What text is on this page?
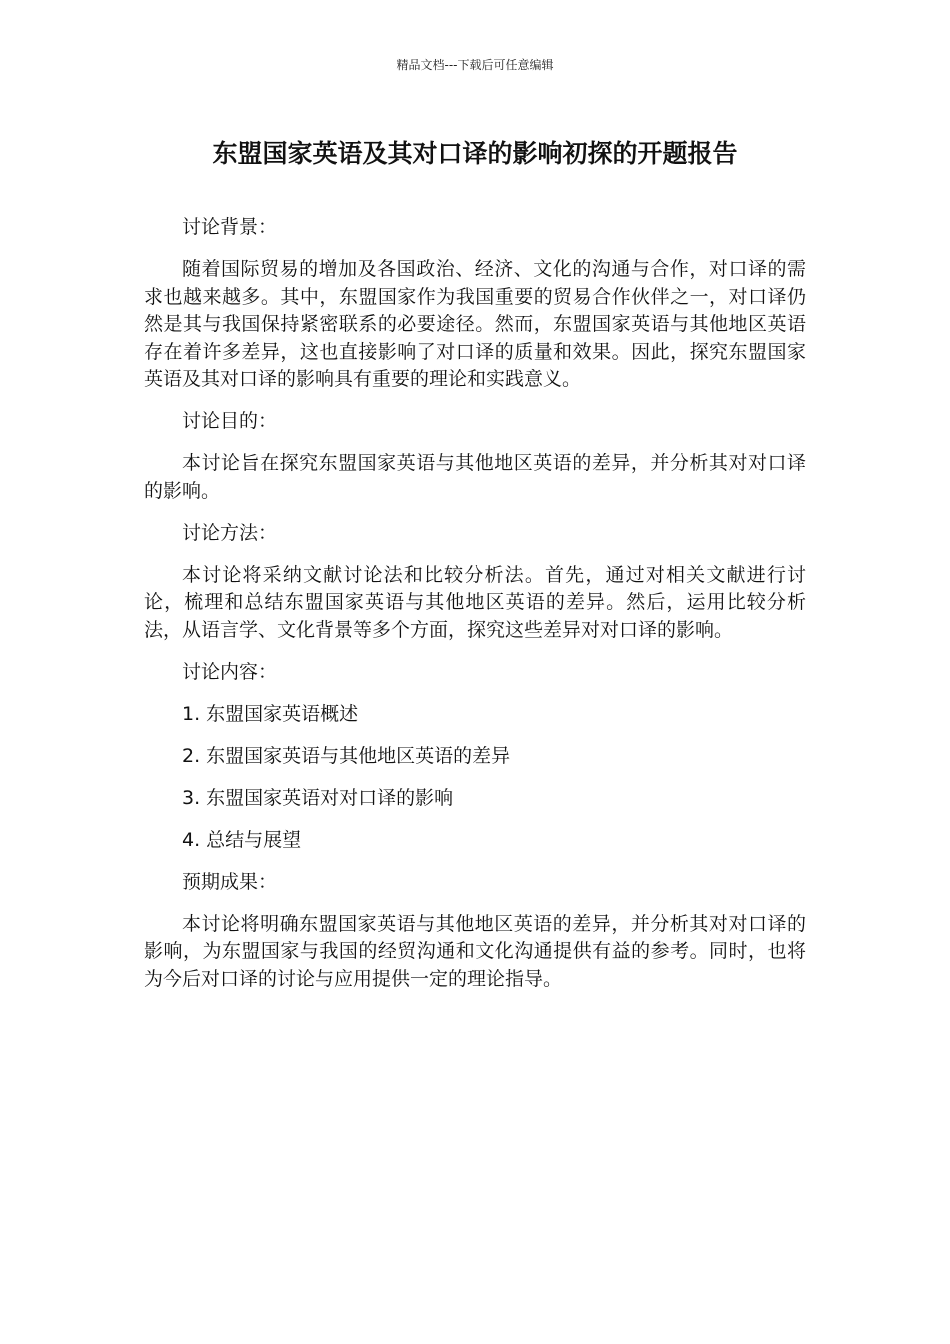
精品文档---下载后可任意编辑
东盟国家英语及其对口译的影响初探的开题报告

讨论背景：

随着国际贸易的增加及各国政治、经济、文化的沟通与合作，对口译的需求也越来越多。其中，东盟国家作为我国重要的贸易合作伙伴之一，对口译仍然是其与我国保持紧密联系的必要途径。然而，东盟国家英语与其他地区英语存在着许多差异，这也直接影响了对口译的质量和效果。因此，探究东盟国家英语及其对口译的影响具有重要的理论和实践意义。

讨论目的：

本讨论旨在探究东盟国家英语与其他地区英语的差异，并分析其对对口译的影响。

讨论方法：

本讨论将采纳文献讨论法和比较分析法。首先，通过对相关文献进行讨论，梳理和总结东盟国家英语与其他地区英语的差异。然后，运用比较分析法，从语言学、文化背景等多个方面，探究这些差异对对口译的影响。

讨论内容：

1. 东盟国家英语概述

2. 东盟国家英语与其他地区英语的差异

3. 东盟国家英语对对口译的影响

4. 总结与展望

预期成果：

本讨论将明确东盟国家英语与其他地区英语的差异，并分析其对对口译的影响，为东盟国家与我国的经贸沟通和文化沟通提供有益的参考。同时，也将为今后对口译的讨论与应用提供一定的理论指导。
